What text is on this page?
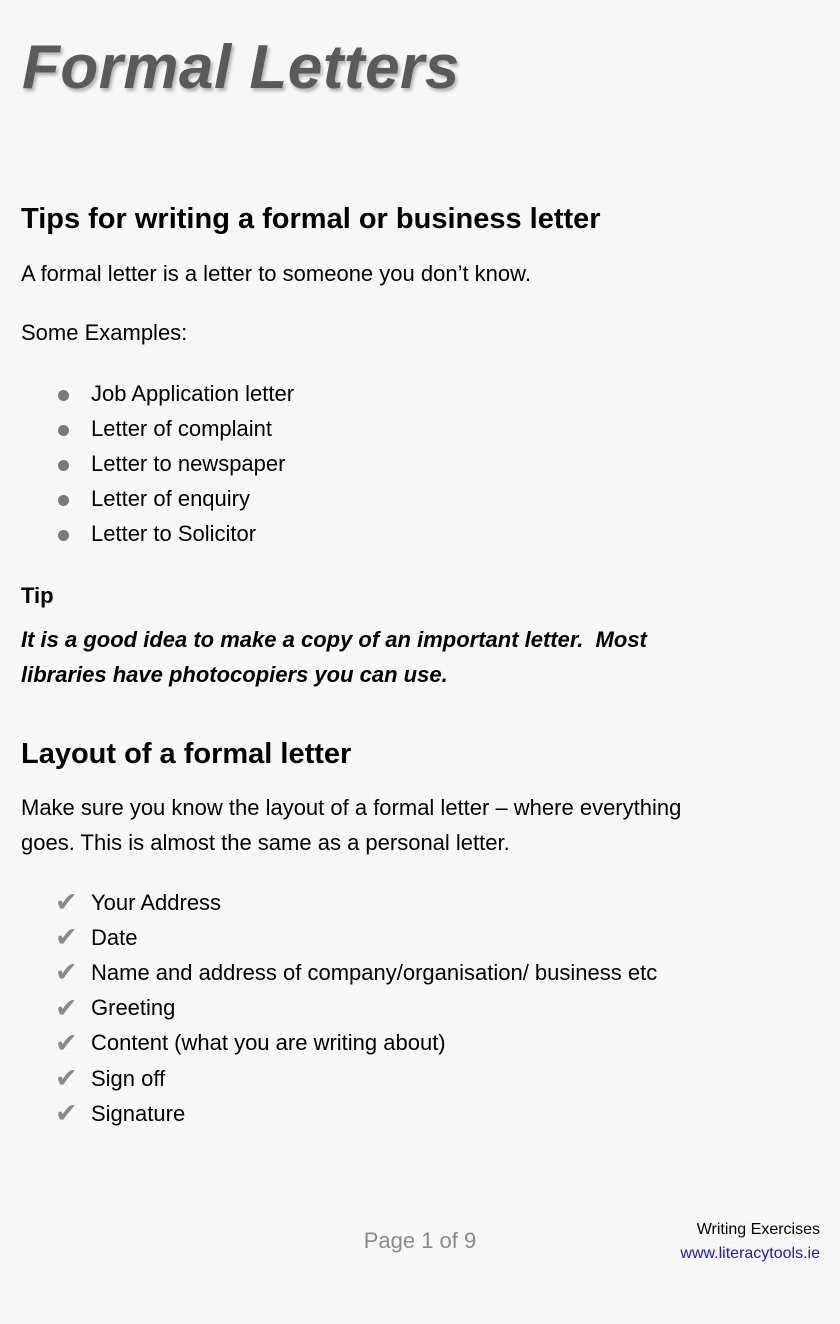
Formal Letters
Tips for writing a formal or business letter
A formal letter is a letter to someone you don’t know.
Some Examples:
Job Application letter
Letter of complaint
Letter to newspaper
Letter of enquiry
Letter to Solicitor
Tip
It is a good idea to make a copy of an important letter.  Most
libraries have photocopiers you can use.
Layout of a formal letter
Make sure you know the layout of a formal letter – where everything
goes. This is almost the same as a personal letter.
✔ Your Address
✔ Date
✔ Name and address of company/organisation/ business etc
✔ Greeting
✔ Content (what you are writing about)
✔ Sign off
✔ Signature
Page 1 of 9	Writing Exercises
www.literacytools.ie
